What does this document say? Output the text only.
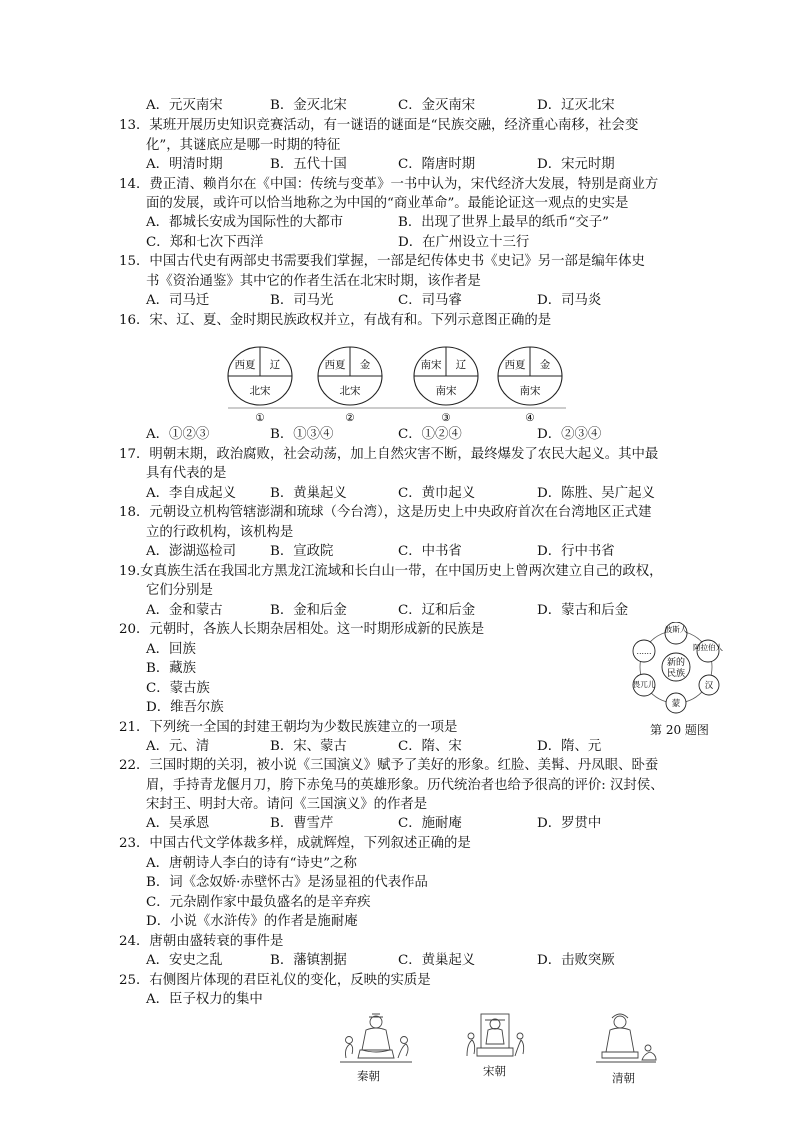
A．元灭南宋	B．金灭北宋	C．金灭南宋	D．辽灭北宋
13．某班开展历史知识竞赛活动，有一谜语的谜面是“民族交融，经济重心南移，社会变
化”，其谜底应是哪一时期的特征
A．明清时期	B．五代十国	C．隋唐时期	D．宋元时期
14．费正清、赖肖尔在《中国：传统与变革》一书中认为，宋代经济大发展，特别是商业方
面的发展，或许可以恰当地称之为中国的“商业革命”。最能论证这一观点的史实是
A．都城长安成为国际性的大都市	B．出现了世界上最早的纸币“交子”
C．郑和七次下西洋	D．在广州设立十三行
15．中国古代史有两部史书需要我们掌握，一部是纪传体史书《史记》另一部是编年体史
书《资治通鉴》其中它的作者生活在北宋时期，该作者是
A．司马迁	B．司马光	C．司马睿	D．司马炎
16．宋、辽、夏、金时期民族政权并立，有战有和。下列示意图正确的是
西夏 辽
北宋
①
西夏 金
北宋
②
南宋 辽
南宋
③
西夏 金
南宋
④
A．①②③	B．①③④	C．①②④	D．②③④
17．明朝末期，政治腐败，社会动荡，加上自然灾害不断，最终爆发了农民大起义。其中最
具有代表的是
A．李自成起义	B．黄巢起义	C．黄巾起义	D．陈胜、吴广起义
18．元朝设立机构管辖澎湖和琉球（今台湾），这是历史上中央政府首次在台湾地区正式建
立的行政机构，该机构是
A．澎湖巡检司	B．宣政院	C．中书省	D．行中书省
19.女真族生活在我国北方黑龙江流域和长白山一带，在中国历史上曾两次建立自己的政权，
它们分别是
A．金和蒙古	B．金和后金	C．辽和后金	D．蒙古和后金
20．元朝时，各族人长期杂居相处。这一时期形成新的民族是
A．回族
B．藏族
C．蒙古族
D．维吾尔族
新的
民族
波斯人
阿拉伯人
汉
蒙
畏兀儿
……
第 20 题图
21．下列统一全国的封建王朝均为少数民族建立的一项是
A．元、清	B．宋、蒙古	C．隋、宋	D．隋、元
22．三国时期的关羽，被小说《三国演义》赋予了美好的形象。红脸、美髯、丹凤眼、卧蚕
眉，手持青龙偃月刀，胯下赤兔马的英雄形象。历代统治者也给予很高的评价: 汉封侯、
宋封王、明封大帝。请问《三国演义》的作者是
A．吴承恩	B．曹雪芹	C．施耐庵	D．罗贯中
23．中国古代文学体裁多样，成就辉煌，下列叙述正确的是
A．唐朝诗人李白的诗有“诗史”之称
B．词《念奴娇·赤壁怀古》是汤显祖的代表作品
C．元杂剧作家中最负盛名的是辛弃疾
D．小说《水浒传》的作者是施耐庵
24．唐朝由盛转衰的事件是
A．安史之乱	B．藩镇割据	C．黄巢起义	D．击败突厥
25．右侧图片体现的君臣礼仪的变化，反映的实质是
A．臣子权力的集中
秦朝	宋朝	清朝
